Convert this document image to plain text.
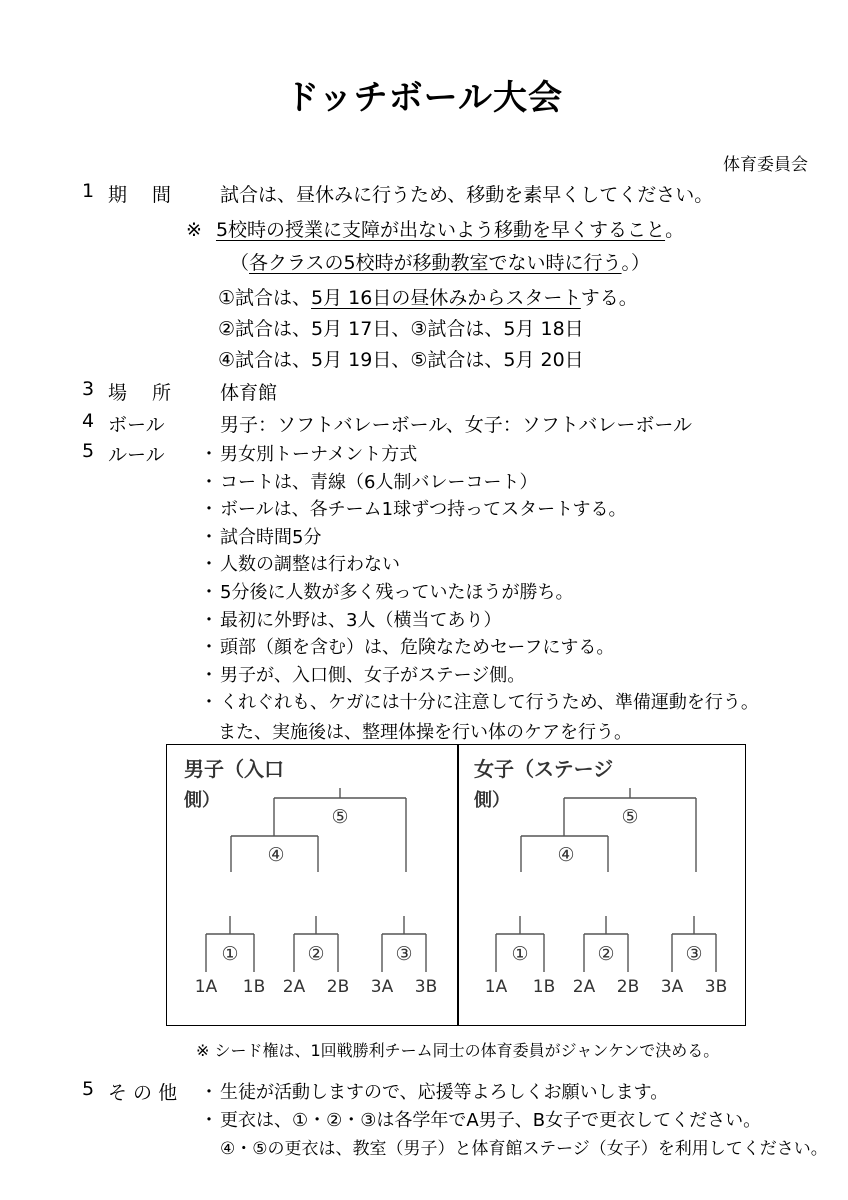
ドッチボール大会
体育委員会
1 期　 間	試合は、昼休みに行うため、移動を素早くしてください。
※ 5校時の授業に支障が出ないよう移動を早くすること。
（各クラスの5校時が移動教室でない時に行う。）
①試合は、5月 16日の昼休みからスタートする。
②試合は、5月 17日、③試合は、5月 18日
④試合は、5月 19日、⑤試合は、5月 20日
3 場　 所	体育館
4 ボール	男子：ソフトバレーボール、女子：ソフトバレーボール
5 ルール ・ 男女別トーナメント方式
・ コートは、青線（6人制バレーコート）
・ ボールは、各チーム1球ずつ持ってスタートする。
・ 試合時間5分
・ 人数の調整は行わない
・ 5分後に人数が多く残っていたほうが勝ち。
・ 最初に外野は、3人（横当てあり）
・ 頭部（顔を含む）は、危険なためセーフにする。
・ 男子が、入口側、女子がステージ側。
・ くれぐれも、ケガには十分に注意して行うため、準備運動を行う。
また、実施後は、整理体操を行い体のケアを行う。
男子（入口
側）
①
1A 1B
②
2A 2B
③
3A 3B
④
⑤
女子（ステージ
側）
①
1A 1B
②
2A 2B
③
3A 3B
④
⑤
※ シード権は、1回戦勝利チーム同士の体育委員がジャンケンで決める。
5 そ の 他 ・ 生徒が活動しますので、応援等よろしくお願いします。
・ 更衣は、①・②・③は各学年でA男子、B女子で更衣してください。
④・⑤の更衣は、教室（男子）と体育館ステージ（女子）を利用してください。
